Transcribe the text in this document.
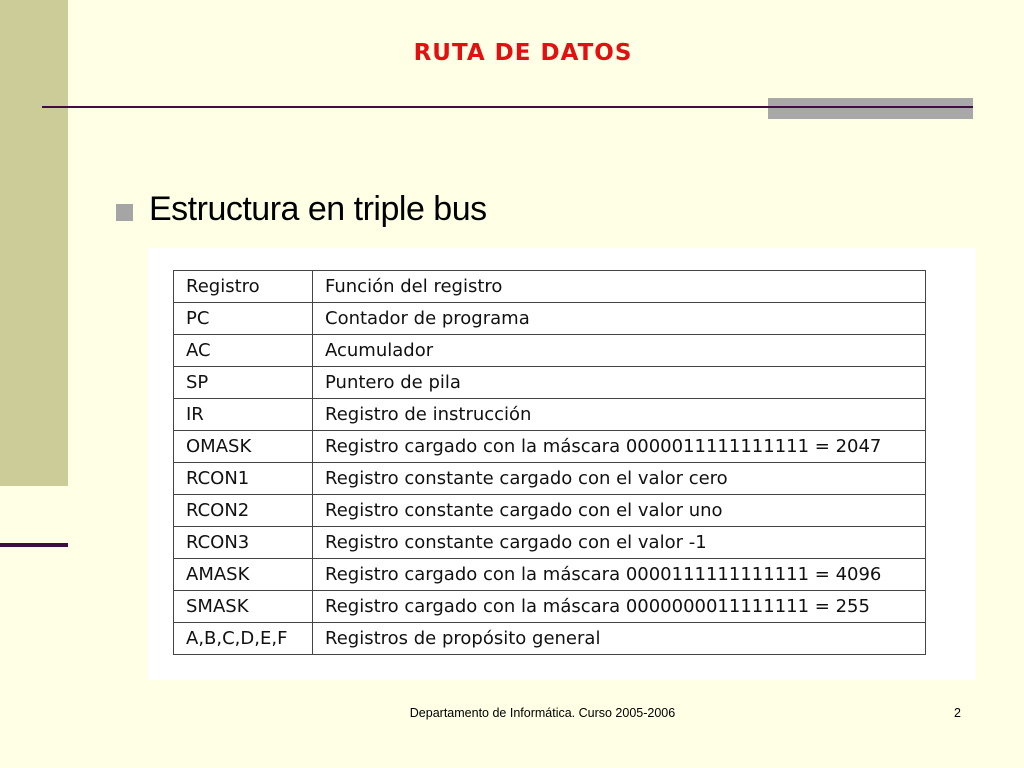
RUTA DE DATOS
Estructura en triple bus
Registro	Función del registro
PC	Contador de programa
AC	Acumulador
SP	Puntero de pila
IR	Registro de instrucción
OMASK	Registro cargado con la máscara 0000011111111111 = 2047
RCON1	Registro constante cargado con el valor cero
RCON2	Registro constante cargado con el valor uno
RCON3	Registro constante cargado con el valor -1
AMASK	Registro cargado con la máscara 0000111111111111 = 4096
SMASK	Registro cargado con la máscara 0000000011111111 = 255
A,B,C,D,E,F	Registros de propósito general
Departamento de Informática. Curso 2005-2006	2
